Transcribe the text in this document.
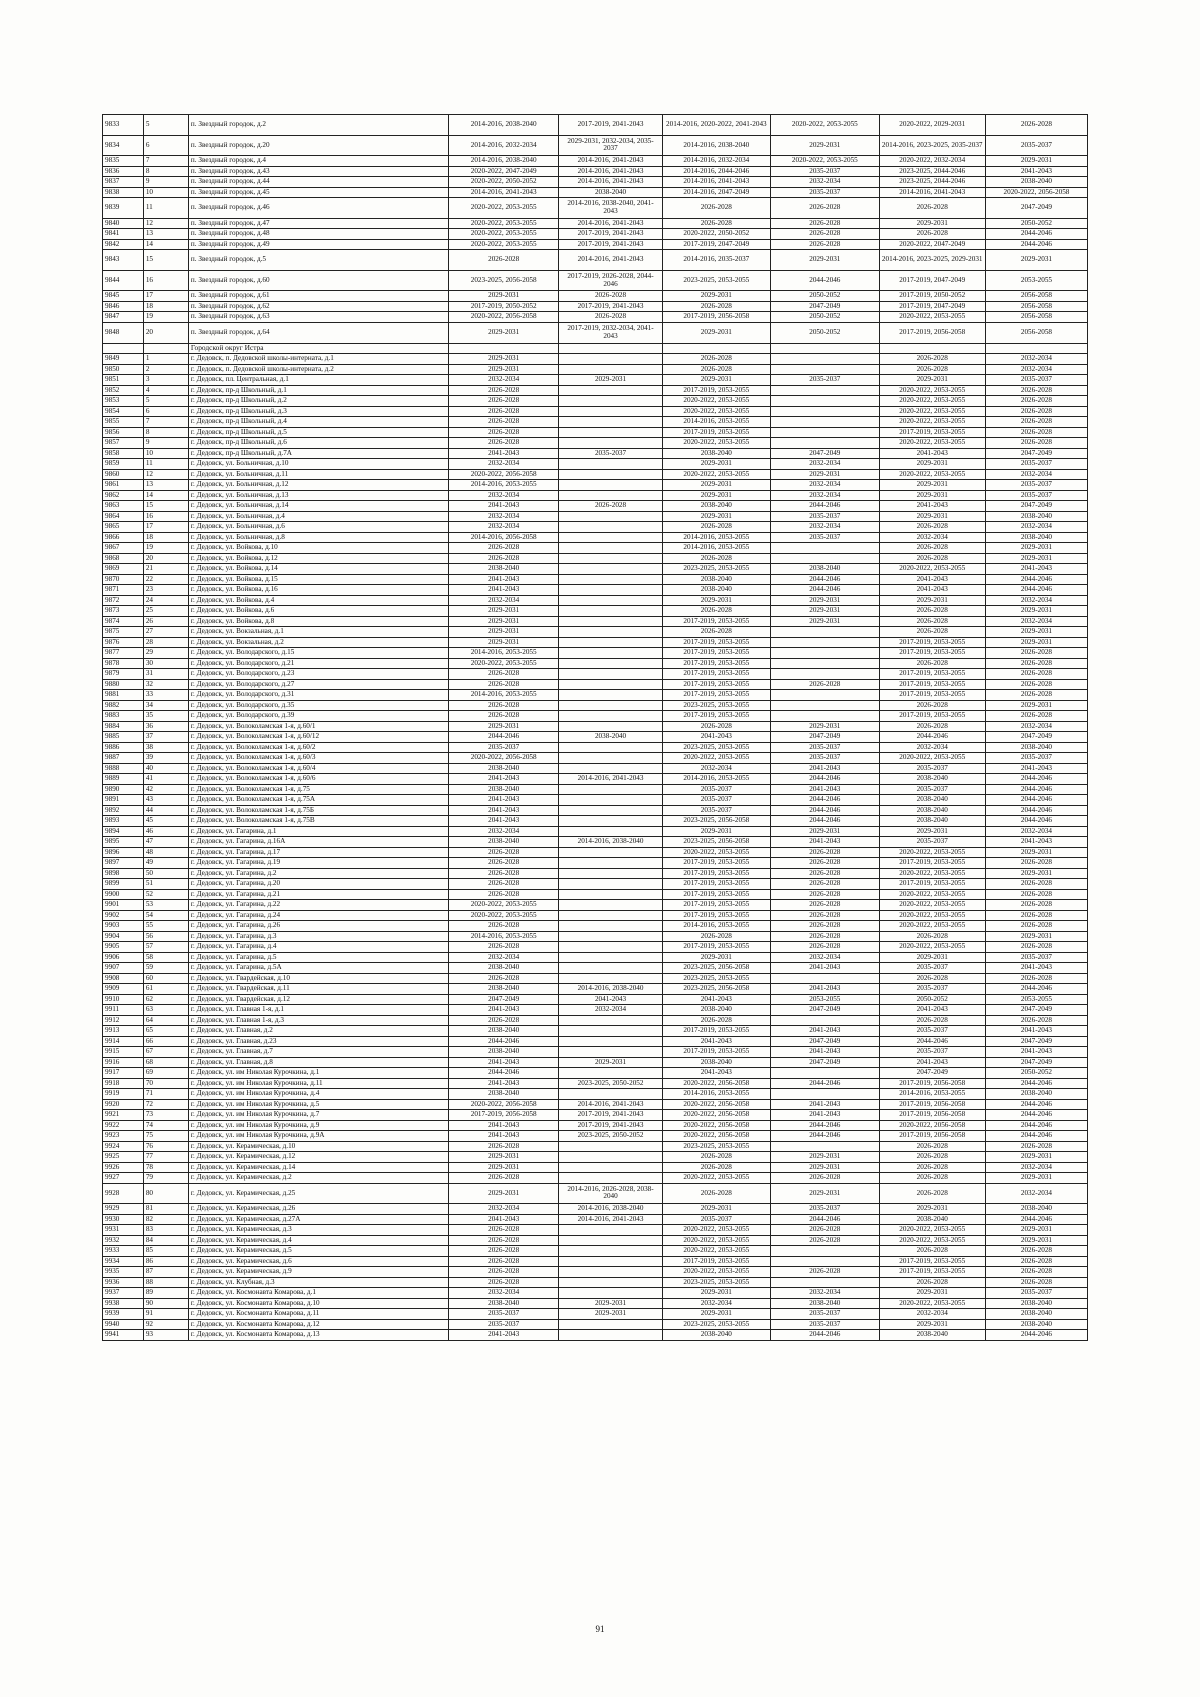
9833	5	п. Звездный городок, д.2	2014-2016, 2038-2040	2017-2019, 2041-2043	2014-2016, 2020-2022, 2041-2043	2020-2022, 2053-2055	2020-2022, 2029-2031	2026-2028
9834	6	п. Звездный городок, д.20	2014-2016, 2032-2034	2029-2031, 2032-2034, 2035-2037	2014-2016, 2038-2040	2029-2031	2014-2016, 2023-2025, 2035-2037	2035-2037
9835	7	п. Звездный городок, д.4	2014-2016, 2038-2040	2014-2016, 2041-2043	2014-2016, 2032-2034	2020-2022, 2053-2055	2020-2022, 2032-2034	2029-2031
9836	8	п. Звездный городок, д.43	2020-2022, 2047-2049	2014-2016, 2041-2043	2014-2016, 2044-2046	2035-2037	2023-2025, 2044-2046	2041-2043
9837	9	п. Звездный городок, д.44	2020-2022, 2050-2052	2014-2016, 2041-2043	2014-2016, 2041-2043	2032-2034	2023-2025, 2044-2046	2038-2040
9838	10	п. Звездный городок, д.45	2014-2016, 2041-2043	2038-2040	2014-2016, 2047-2049	2035-2037	2014-2016, 2041-2043	2020-2022, 2056-2058
9839	11	п. Звездный городок, д.46	2020-2022, 2053-2055	2014-2016, 2038-2040, 2041-2043	2026-2028	2026-2028	2026-2028	2047-2049
9840	12	п. Звездный городок, д.47	2020-2022, 2053-2055	2014-2016, 2041-2043	2026-2028	2026-2028	2029-2031	2050-2052
9841	13	п. Звездный городок, д.48	2020-2022, 2053-2055	2017-2019, 2041-2043	2020-2022, 2050-2052	2026-2028	2026-2028	2044-2046
9842	14	п. Звездный городок, д.49	2020-2022, 2053-2055	2017-2019, 2041-2043	2017-2019, 2047-2049	2026-2028	2020-2022, 2047-2049	2044-2046
9843	15	п. Звездный городок, д.5	2026-2028	2014-2016, 2041-2043	2014-2016, 2035-2037	2029-2031	2014-2016, 2023-2025, 2029-2031	2029-2031
9844	16	п. Звездный городок, д.60	2023-2025, 2056-2058	2017-2019, 2026-2028, 2044-2046	2023-2025, 2053-2055	2044-2046	2017-2019, 2047-2049	2053-2055
9845	17	п. Звездный городок, д.61	2029-2031	2026-2028	2029-2031	2050-2052	2017-2019, 2050-2052	2056-2058
9846	18	п. Звездный городок, д.62	2017-2019, 2050-2052	2017-2019, 2041-2043	2026-2028	2047-2049	2017-2019, 2047-2049	2056-2058
9847	19	п. Звездный городок, д.63	2020-2022, 2056-2058	2026-2028	2017-2019, 2056-2058	2050-2052	2020-2022, 2053-2055	2056-2058
9848	20	п. Звездный городок, д.64	2029-2031	2017-2019, 2032-2034, 2041-2043	2029-2031	2050-2052	2017-2019, 2056-2058	2056-2058
		Городской округ Истра						
9849	1	г. Дедовск, п. Дедовской школы-интерната, д.1	2029-2031		2026-2028		2026-2028	2032-2034
9850	2	г. Дедовск, п. Дедовской школы-интерната, д.2	2029-2031		2026-2028		2026-2028	2032-2034
9851	3	г. Дедовск, пл. Центральная, д.1	2032-2034	2029-2031	2029-2031	2035-2037	2029-2031	2035-2037
9852	4	г. Дедовск, пр-д Школьный, д.1	2026-2028		2017-2019, 2053-2055		2020-2022, 2053-2055	2026-2028
9853	5	г. Дедовск, пр-д Школьный, д.2	2026-2028		2020-2022, 2053-2055		2020-2022, 2053-2055	2026-2028
9854	6	г. Дедовск, пр-д Школьный, д.3	2026-2028		2020-2022, 2053-2055		2020-2022, 2053-2055	2026-2028
9855	7	г. Дедовск, пр-д Школьный, д.4	2026-2028		2014-2016, 2053-2055		2020-2022, 2053-2055	2026-2028
9856	8	г. Дедовск, пр-д Школьный, д.5	2026-2028		2017-2019, 2053-2055		2017-2019, 2053-2055	2026-2028
9857	9	г. Дедовск, пр-д Школьный, д.6	2026-2028		2020-2022, 2053-2055		2020-2022, 2053-2055	2026-2028
9858	10	г. Дедовск, пр-д Школьный, д.7А	2041-2043	2035-2037	2038-2040	2047-2049	2041-2043	2047-2049
9859	11	г. Дедовск, ул. Больничная, д.10	2032-2034		2029-2031	2032-2034	2029-2031	2035-2037
9860	12	г. Дедовск, ул. Больничная, д.11	2020-2022, 2056-2058		2020-2022, 2053-2055	2029-2031	2020-2022, 2053-2055	2032-2034
9861	13	г. Дедовск, ул. Больничная, д.12	2014-2016, 2053-2055		2029-2031	2032-2034	2029-2031	2035-2037
9862	14	г. Дедовск, ул. Больничная, д.13	2032-2034		2029-2031	2032-2034	2029-2031	2035-2037
9863	15	г. Дедовск, ул. Больничная, д.14	2041-2043	2026-2028	2038-2040	2044-2046	2041-2043	2047-2049
9864	16	г. Дедовск, ул. Больничная, д.4	2032-2034		2029-2031	2035-2037	2029-2031	2038-2040
9865	17	г. Дедовск, ул. Больничная, д.6	2032-2034		2026-2028	2032-2034	2026-2028	2032-2034
9866	18	г. Дедовск, ул. Больничная, д.8	2014-2016, 2056-2058		2014-2016, 2053-2055	2035-2037	2032-2034	2038-2040
9867	19	г. Дедовск, ул. Войкова, д.10	2026-2028		2014-2016, 2053-2055		2026-2028	2029-2031
9868	20	г. Дедовск, ул. Войкова, д.12	2026-2028		2026-2028		2026-2028	2029-2031
9869	21	г. Дедовск, ул. Войкова, д.14	2038-2040		2023-2025, 2053-2055	2038-2040	2020-2022, 2053-2055	2041-2043
9870	22	г. Дедовск, ул. Войкова, д.15	2041-2043		2038-2040	2044-2046	2041-2043	2044-2046
9871	23	г. Дедовск, ул. Войкова, д.16	2041-2043		2038-2040	2044-2046	2041-2043	2044-2046
9872	24	г. Дедовск, ул. Войкова, д.4	2032-2034		2029-2031	2029-2031	2029-2031	2032-2034
9873	25	г. Дедовск, ул. Войкова, д.6	2029-2031		2026-2028	2029-2031	2026-2028	2029-2031
9874	26	г. Дедовск, ул. Войкова, д.8	2029-2031		2017-2019, 2053-2055	2029-2031	2026-2028	2032-2034
9875	27	г. Дедовск, ул. Вокзальная, д.1	2029-2031		2026-2028		2026-2028	2029-2031
9876	28	г. Дедовск, ул. Вокзальная, д.2	2029-2031		2017-2019, 2053-2055		2017-2019, 2053-2055	2029-2031
9877	29	г. Дедовск, ул. Володарского, д.15	2014-2016, 2053-2055		2017-2019, 2053-2055		2017-2019, 2053-2055	2026-2028
9878	30	г. Дедовск, ул. Володарского, д.21	2020-2022, 2053-2055		2017-2019, 2053-2055		2026-2028	2026-2028
9879	31	г. Дедовск, ул. Володарского, д.23	2026-2028		2017-2019, 2053-2055		2017-2019, 2053-2055	2026-2028
9880	32	г. Дедовск, ул. Володарского, д.27	2026-2028		2017-2019, 2053-2055	2026-2028	2017-2019, 2053-2055	2026-2028
9881	33	г. Дедовск, ул. Володарского, д.31	2014-2016, 2053-2055		2017-2019, 2053-2055		2017-2019, 2053-2055	2026-2028
9882	34	г. Дедовск, ул. Володарского, д.35	2026-2028		2023-2025, 2053-2055		2026-2028	2029-2031
9883	35	г. Дедовск, ул. Володарского, д.39	2026-2028		2017-2019, 2053-2055		2017-2019, 2053-2055	2026-2028
9884	36	г. Дедовск, ул. Волоколамская 1-я, д.60/1	2029-2031		2026-2028	2029-2031	2026-2028	2032-2034
9885	37	г. Дедовск, ул. Волоколамская 1-я, д.60/12	2044-2046	2038-2040	2041-2043	2047-2049	2044-2046	2047-2049
9886	38	г. Дедовск, ул. Волоколамская 1-я, д.60/2	2035-2037		2023-2025, 2053-2055	2035-2037	2032-2034	2038-2040
9887	39	г. Дедовск, ул. Волоколамская 1-я, д.60/3	2020-2022, 2056-2058		2020-2022, 2053-2055	2035-2037	2020-2022, 2053-2055	2035-2037
9888	40	г. Дедовск, ул. Волоколамская 1-я, д.60/4	2038-2040		2032-2034	2041-2043	2035-2037	2041-2043
9889	41	г. Дедовск, ул. Волоколамская 1-я, д.60/6	2041-2043	2014-2016, 2041-2043	2014-2016, 2053-2055	2044-2046	2038-2040	2044-2046
9890	42	г. Дедовск, ул. Волоколамская 1-я, д.75	2038-2040		2035-2037	2041-2043	2035-2037	2044-2046
9891	43	г. Дедовск, ул. Волоколамская 1-я, д.75А	2041-2043		2035-2037	2044-2046	2038-2040	2044-2046
9892	44	г. Дедовск, ул. Волоколамская 1-я, д.75Б	2041-2043		2035-2037	2044-2046	2038-2040	2044-2046
9893	45	г. Дедовск, ул. Волоколамская 1-я, д.75В	2041-2043		2023-2025, 2056-2058	2044-2046	2038-2040	2044-2046
9894	46	г. Дедовск, ул. Гагарина, д.1	2032-2034		2029-2031	2029-2031	2029-2031	2032-2034
9895	47	г. Дедовск, ул. Гагарина, д.16А	2038-2040	2014-2016, 2038-2040	2023-2025, 2056-2058	2041-2043	2035-2037	2041-2043
9896	48	г. Дедовск, ул. Гагарина, д.17	2026-2028		2020-2022, 2053-2055	2026-2028	2020-2022, 2053-2055	2029-2031
9897	49	г. Дедовск, ул. Гагарина, д.19	2026-2028		2017-2019, 2053-2055	2026-2028	2017-2019, 2053-2055	2026-2028
9898	50	г. Дедовск, ул. Гагарина, д.2	2026-2028		2017-2019, 2053-2055	2026-2028	2020-2022, 2053-2055	2029-2031
9899	51	г. Дедовск, ул. Гагарина, д.20	2026-2028		2017-2019, 2053-2055	2026-2028	2017-2019, 2053-2055	2026-2028
9900	52	г. Дедовск, ул. Гагарина, д.21	2026-2028		2017-2019, 2053-2055	2026-2028	2020-2022, 2053-2055	2026-2028
9901	53	г. Дедовск, ул. Гагарина, д.22	2020-2022, 2053-2055		2017-2019, 2053-2055	2026-2028	2020-2022, 2053-2055	2026-2028
9902	54	г. Дедовск, ул. Гагарина, д.24	2020-2022, 2053-2055		2017-2019, 2053-2055	2026-2028	2020-2022, 2053-2055	2026-2028
9903	55	г. Дедовск, ул. Гагарина, д.26	2026-2028		2014-2016, 2053-2055	2026-2028	2020-2022, 2053-2055	2026-2028
9904	56	г. Дедовск, ул. Гагарина, д.3	2014-2016, 2053-2055		2026-2028	2026-2028	2026-2028	2029-2031
9905	57	г. Дедовск, ул. Гагарина, д.4	2026-2028		2017-2019, 2053-2055	2026-2028	2020-2022, 2053-2055	2026-2028
9906	58	г. Дедовск, ул. Гагарина, д.5	2032-2034		2029-2031	2032-2034	2029-2031	2035-2037
9907	59	г. Дедовск, ул. Гагарина, д.5А	2038-2040		2023-2025, 2056-2058	2041-2043	2035-2037	2041-2043
9908	60	г. Дедовск, ул. Гвардейская, д.10	2026-2028		2023-2025, 2053-2055		2026-2028	2026-2028
9909	61	г. Дедовск, ул. Гвардейская, д.11	2038-2040	2014-2016, 2038-2040	2023-2025, 2056-2058	2041-2043	2035-2037	2044-2046
9910	62	г. Дедовск, ул. Гвардейская, д.12	2047-2049	2041-2043	2041-2043	2053-2055	2050-2052	2053-2055
9911	63	г. Дедовск, ул. Главная 1-я, д.1	2041-2043	2032-2034	2038-2040	2047-2049	2041-2043	2047-2049
9912	64	г. Дедовск, ул. Главная 1-я, д.3	2026-2028		2026-2028		2026-2028	2026-2028
9913	65	г. Дедовск, ул. Главная, д.2	2038-2040		2017-2019, 2053-2055	2041-2043	2035-2037	2041-2043
9914	66	г. Дедовск, ул. Главная, д.23	2044-2046		2041-2043	2047-2049	2044-2046	2047-2049
9915	67	г. Дедовск, ул. Главная, д.7	2038-2040		2017-2019, 2053-2055	2041-2043	2035-2037	2041-2043
9916	68	г. Дедовск, ул. Главная, д.8	2041-2043	2029-2031	2038-2040	2047-2049	2041-2043	2047-2049
9917	69	г. Дедовск, ул. им Николая Курочкина, д.1	2044-2046		2041-2043		2047-2049	2050-2052
9918	70	г. Дедовск, ул. им Николая Курочкина, д.11	2041-2043	2023-2025, 2050-2052	2020-2022, 2056-2058	2044-2046	2017-2019, 2056-2058	2044-2046
9919	71	г. Дедовск, ул. им Николая Курочкина, д.4	2038-2040		2014-2016, 2053-2055		2014-2016, 2053-2055	2038-2040
9920	72	г. Дедовск, ул. им Николая Курочкина, д.5	2020-2022, 2056-2058	2014-2016, 2041-2043	2020-2022, 2056-2058	2041-2043	2017-2019, 2056-2058	2044-2046
9921	73	г. Дедовск, ул. им Николая Курочкина, д.7	2017-2019, 2056-2058	2017-2019, 2041-2043	2020-2022, 2056-2058	2041-2043	2017-2019, 2056-2058	2044-2046
9922	74	г. Дедовск, ул. им Николая Курочкина, д.9	2041-2043	2017-2019, 2041-2043	2020-2022, 2056-2058	2044-2046	2020-2022, 2056-2058	2044-2046
9923	75	г. Дедовск, ул. им Николая Курочкина, д.9А	2041-2043	2023-2025, 2050-2052	2020-2022, 2056-2058	2044-2046	2017-2019, 2056-2058	2044-2046
9924	76	г. Дедовск, ул. Керамическая, д.10	2026-2028		2023-2025, 2053-2055		2026-2028	2026-2028
9925	77	г. Дедовск, ул. Керамическая, д.12	2029-2031		2026-2028	2029-2031	2026-2028	2029-2031
9926	78	г. Дедовск, ул. Керамическая, д.14	2029-2031		2026-2028	2029-2031	2026-2028	2032-2034
9927	79	г. Дедовск, ул. Керамическая, д.2	2026-2028		2020-2022, 2053-2055	2026-2028	2026-2028	2029-2031
9928	80	г. Дедовск, ул. Керамическая, д.25	2029-2031	2014-2016, 2026-2028, 2038-2040	2026-2028	2029-2031	2026-2028	2032-2034
9929	81	г. Дедовск, ул. Керамическая, д.26	2032-2034	2014-2016, 2038-2040	2029-2031	2035-2037	2029-2031	2038-2040
9930	82	г. Дедовск, ул. Керамическая, д.27А	2041-2043	2014-2016, 2041-2043	2035-2037	2044-2046	2038-2040	2044-2046
9931	83	г. Дедовск, ул. Керамическая, д.3	2026-2028		2020-2022, 2053-2055	2026-2028	2020-2022, 2053-2055	2029-2031
9932	84	г. Дедовск, ул. Керамическая, д.4	2026-2028		2020-2022, 2053-2055	2026-2028	2020-2022, 2053-2055	2029-2031
9933	85	г. Дедовск, ул. Керамическая, д.5	2026-2028		2020-2022, 2053-2055		2026-2028	2026-2028
9934	86	г. Дедовск, ул. Керамическая, д.6	2026-2028		2017-2019, 2053-2055		2017-2019, 2053-2055	2026-2028
9935	87	г. Дедовск, ул. Керамическая, д.9	2026-2028		2020-2022, 2053-2055	2026-2028	2017-2019, 2053-2055	2026-2028
9936	88	г. Дедовск, ул. Клубная, д.3	2026-2028		2023-2025, 2053-2055		2026-2028	2026-2028
9937	89	г. Дедовск, ул. Космонавта Комарова, д.1	2032-2034		2029-2031	2032-2034	2029-2031	2035-2037
9938	90	г. Дедовск, ул. Космонавта Комарова, д.10	2038-2040	2029-2031	2032-2034	2038-2040	2020-2022, 2053-2055	2038-2040
9939	91	г. Дедовск, ул. Космонавта Комарова, д.11	2035-2037	2029-2031	2029-2031	2035-2037	2032-2034	2038-2040
9940	92	г. Дедовск, ул. Космонавта Комарова, д.12	2035-2037		2023-2025, 2053-2055	2035-2037	2029-2031	2038-2040
9941	93	г. Дедовск, ул. Космонавта Комарова, д.13	2041-2043		2038-2040	2044-2046	2038-2040	2044-2046
91
